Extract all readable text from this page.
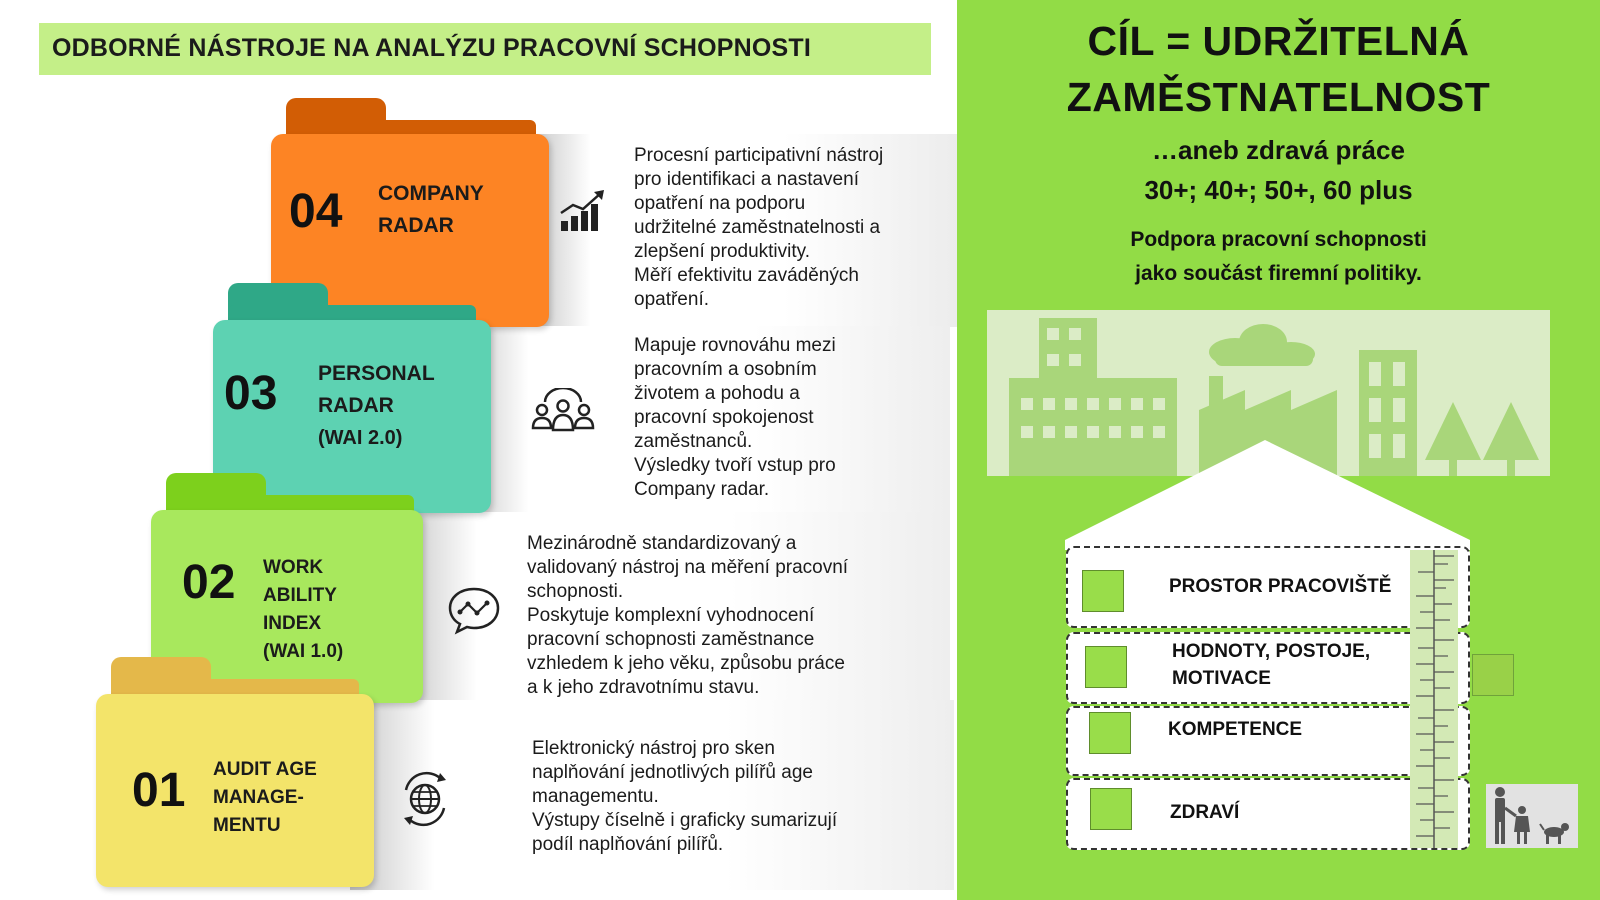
ODBORNÉ NÁSTROJE NA ANALÝZU PRACOVNÍ SCHOPNOSTI
04 COMPANY
RADAR
Procesní participativní nástroj
pro identifikaci a nastavení
opatření na podporu
udržitelné zaměstnatelnosti a
zlepšení produktivity.
Měří efektivitu zaváděných
opatření.
03 PERSONAL
RADAR
(WAI 2.0)
Mapuje rovnováhu mezi
pracovním a osobním
životem a pohodu a
pracovní spokojenost
zaměstnanců.
Výsledky tvoří vstup pro
Company radar.
02 WORK
ABILITY
INDEX
(WAI 1.0)
Mezinárodně standardizovaný a
validovaný nástroj na měření pracovní
schopnosti.
Poskytuje komplexní vyhodnocení
pracovní schopnosti zaměstnance
vzhledem k jeho věku, způsobu práce
a k jeho zdravotnímu stavu.
01 AUDIT AGE
MANAGE-
MENTU
Elektronický nástroj pro sken
naplňování jednotlivých pilířů age
managementu.
Výstupy číselně i graficky sumarizují
podíl naplňování pilířů.
CÍL = UDRŽITELNÁ
ZAMĚSTNATELNOST
…aneb zdravá práce
30+; 40+; 50+, 60 plus
Podpora pracovní schopnosti
jako součást firemní politiky.
PROSTOR PRACOVIŠTĚ
HODNOTY, POSTOJE,
MOTIVACE
KOMPETENCE
ZDRAVÍ
